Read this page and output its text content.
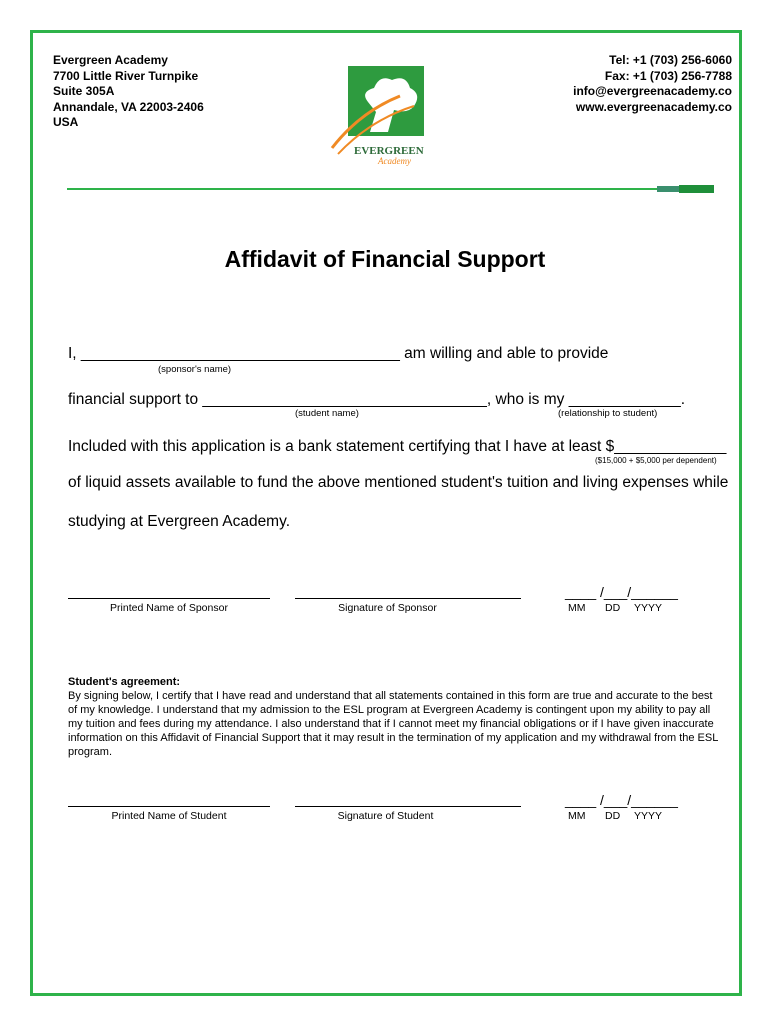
Evergreen Academy
7700 Little River Turnpike
Suite 305A
Annandale, VA 22003-2406
USA
Tel: +1 (703) 256-6060
Fax: +1 (703) 256-7788
info@evergreenacademy.co
www.evergreenacademy.co
EVERGREEN
Academy
Affidavit of Financial Support
I, _____________________________________ am willing and able to provide
(sponsor's name)
financial support to _________________________________, who is my _____________.
(student name)	(relationship to student)
Included with this application is a bank statement certifying that I have at least $_____________
($15,000 + $5,000 per dependent)
of liquid assets available to fund the above mentioned student's tuition and living expenses while
studying at Evergreen Academy.
Printed Name of Sponsor	Signature of Sponsor
____ /___/______
MM DD YYYY
Student's agreement:
By signing below, I certify that I have read and understand that all statements contained in this form are true and accurate to the best of my knowledge. I understand that my admission to the ESL program at Evergreen Academy is contingent upon my ability to pay all my tuition and fees during my attendance. I also understand that if I cannot meet my financial obligations or if I have given inaccurate information on this Affidavit of Financial Support that it may result in the termination of my application and my withdrawal from the ESL program.
Printed Name of Student	Signature of Student
____ /___/______
MM DD YYYY
